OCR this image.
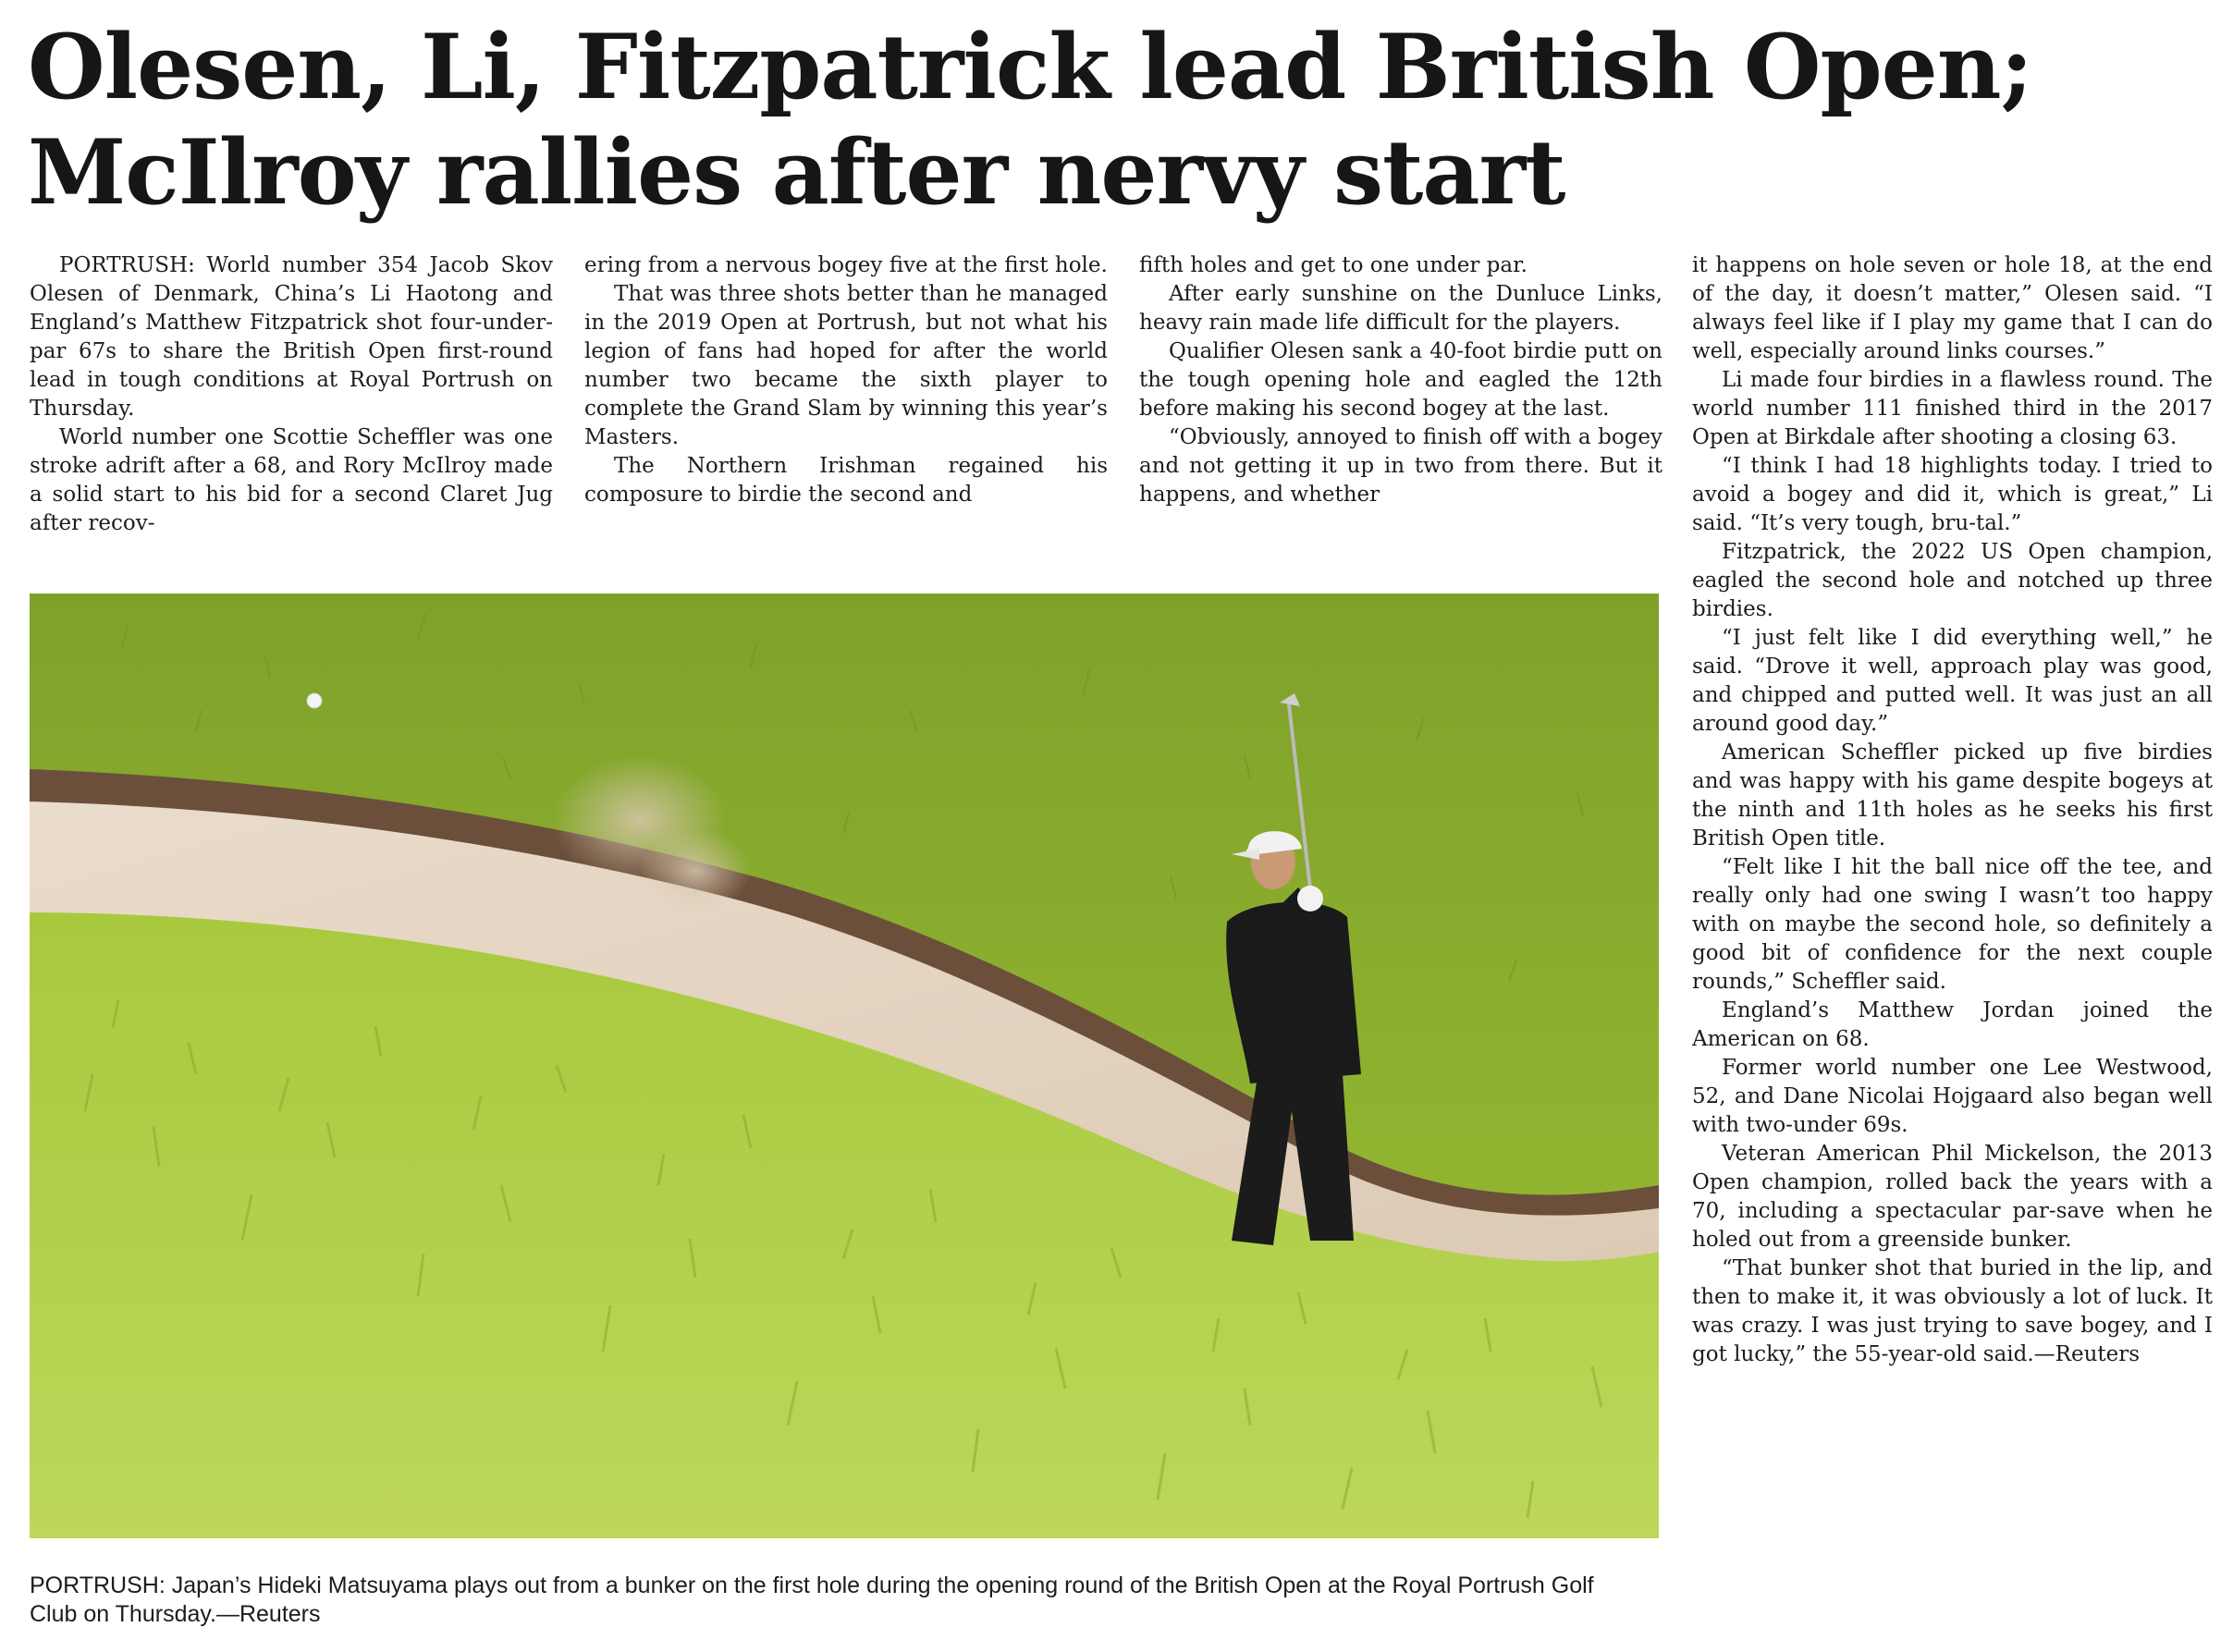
Olesen, Li, Fitzpatrick lead British Open;
McIlroy rallies after nervy start

PORTRUSH: World number 354 Jacob Skov Olesen of Denmark, China’s Li Haotong and England’s Matthew Fitzpatrick shot four-under-par 67s to share the British Open first-round lead in tough conditions at Royal Portrush on Thursday.

World number one Scottie Scheffler was one stroke adrift after a 68, and Rory McIlroy made a solid start to his bid for a second Claret Jug after recov-

ering from a nervous bogey five at the first hole.

That was three shots better than he managed in the 2019 Open at Portrush, but not what his legion of fans had hoped for after the world number two became the sixth player to complete the Grand Slam by winning this year’s Masters.

The Northern Irishman regained his composure to birdie the second and

fifth holes and get to one under par.

After early sunshine on the Dunluce Links, heavy rain made life difficult for the players.

Qualifier Olesen sank a 40-foot birdie putt on the tough opening hole and eagled the 12th before making his second bogey at the last.

“Obviously, annoyed to finish off with a bogey and not getting it up in two from there. But it happens, and whether

it happens on hole seven or hole 18, at the end of the day, it doesn’t matter,” Olesen said. “I always feel like if I play my game that I can do well, especially around links courses.”

Li made four birdies in a flawless round. The world number 111 finished third in the 2017 Open at Birkdale after shooting a closing 63.

“I think I had 18 highlights today. I tried to avoid a bogey and did it, which is great,” Li said. “It’s very tough, bru-tal.”

Fitzpatrick, the 2022 US Open champion, eagled the second hole and notched up three birdies.

“I just felt like I did everything well,” he said. “Drove it well, approach play was good, and chipped and putted well. It was just an all around good day.”

American Scheffler picked up five birdies and was happy with his game despite bogeys at the ninth and 11th holes as he seeks his first British Open title.

“Felt like I hit the ball nice off the tee, and really only had one swing I wasn’t too happy with on maybe the second hole, so definitely a good bit of confidence for the next couple rounds,” Scheffler said.

England’s Matthew Jordan joined the American on 68.

Former world number one Lee Westwood, 52, and Dane Nicolai Hojgaard also began well with two-under 69s.

Veteran American Phil Mickelson, the 2013 Open champion, rolled back the years with a 70, including a spectacular par-save when he holed out from a greenside bunker.

“That bunker shot that buried in the lip, and then to make it, it was obviously a lot of luck. It was crazy. I was just trying to save bogey, and I got lucky,” the 55-year-old said.—Reuters

PORTRUSH: Japan’s Hideki Matsuyama plays out from a bunker on the first hole during the opening round of the British Open at the Royal Portrush Golf Club on Thursday.—Reuters
